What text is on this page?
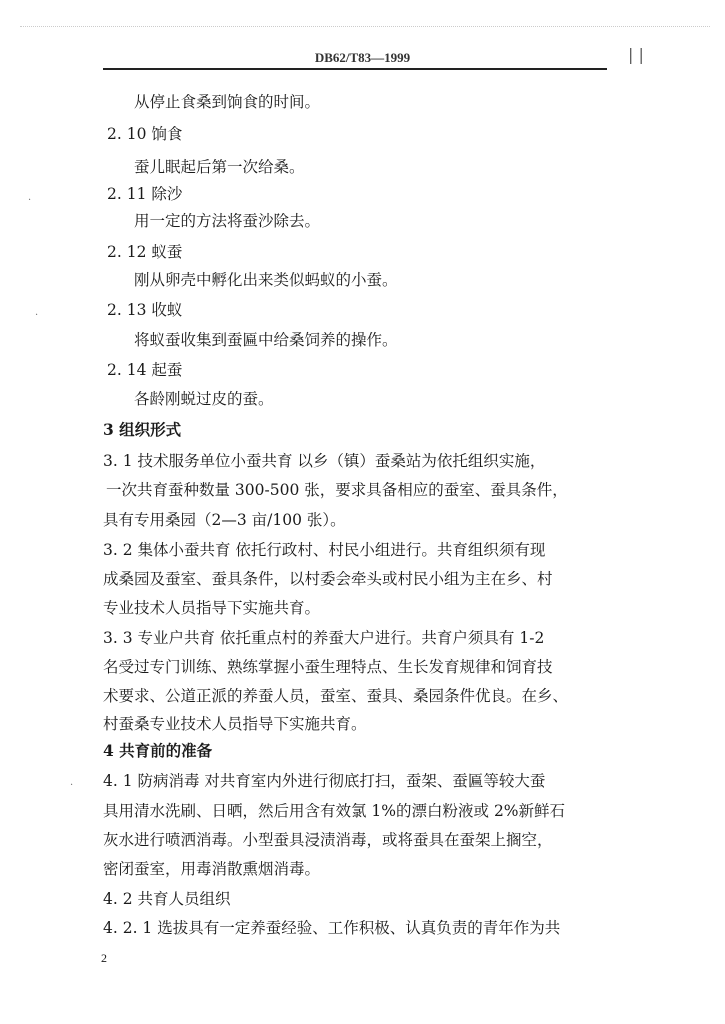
DB62/T83—1999	| |
从停止食桑到饷食的时间。
2. 10 饷食
蚕儿眠起后第一次给桑。
2. 11 除沙
用一定的方法将蚕沙除去。
2. 12 蚁蚕
刚从卵壳中孵化出来类似蚂蚁的小蚕。
2. 13 收蚁
将蚁蚕收集到蚕匾中给桑饲养的操作。
2. 14 起蚕
各龄刚蜕过皮的蚕。
3 组织形式
3. 1 技术服务单位小蚕共育 以乡（镇）蚕桑站为依托组织实施，
一次共育蚕种数量 300-500 张，要求具备相应的蚕室、蚕具条件，
具有专用桑园（2—3 亩/100 张）。
3. 2 集体小蚕共育 依托行政村、村民小组进行。共育组织须有现
成桑园及蚕室、蚕具条件，以村委会牵头或村民小组为主在乡、村
专业技术人员指导下实施共育。
3. 3 专业户共育 依托重点村的养蚕大户进行。共育户须具有 1-2
名受过专门训练、熟练掌握小蚕生理特点、生长发育规律和饲育技
术要求、公道正派的养蚕人员，蚕室、蚕具、桑园条件优良。在乡、
村蚕桑专业技术人员指导下实施共育。
4 共育前的准备
4. 1 防病消毒 对共育室内外进行彻底打扫，蚕架、蚕匾等较大蚕
具用清水洗刷、日晒，然后用含有效氯 1%的漂白粉液或 2%新鲜石
灰水进行喷洒消毒。小型蚕具浸渍消毒，或将蚕具在蚕架上搁空，
密闭蚕室，用毒消散熏烟消毒。
4. 2 共育人员组织
4. 2. 1 选拔具有一定养蚕经验、工作积极、认真负责的青年作为共
2
·
·
·
